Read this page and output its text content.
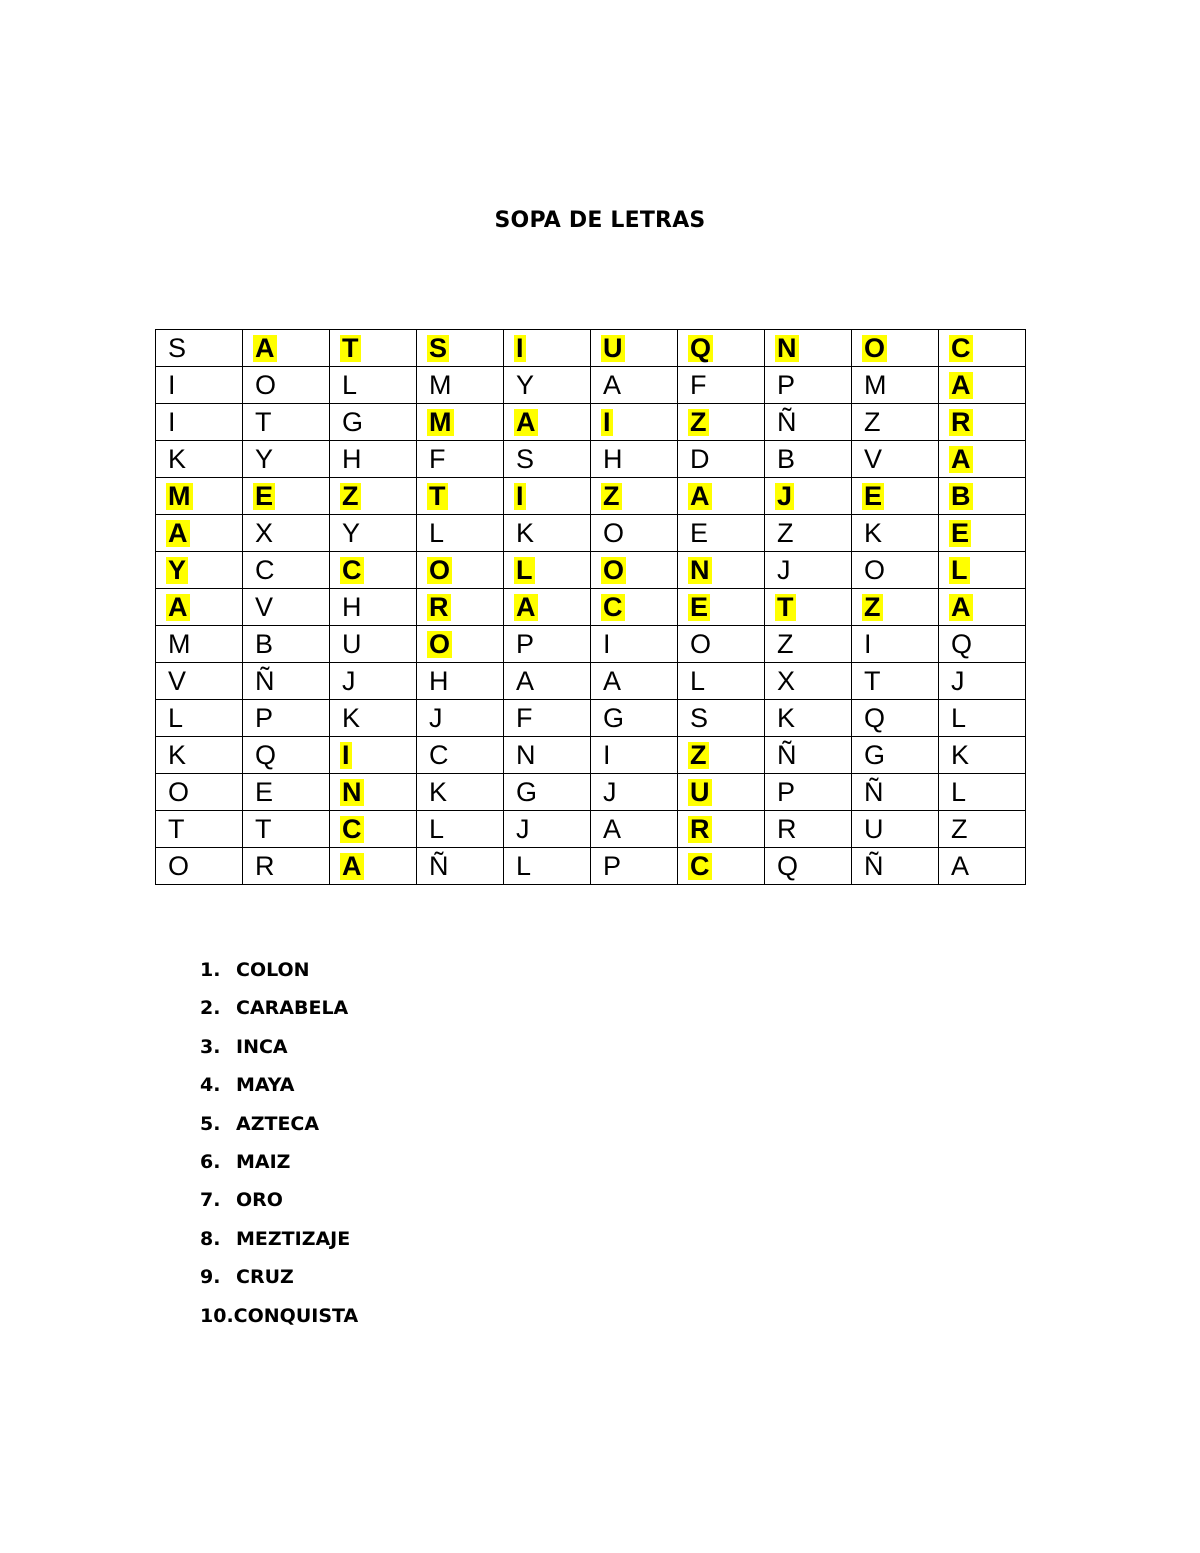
SOPA DE LETRAS
S	A	T	S	I	U	Q	N	O	C
I	O	L	M	Y	A	F	P	M	A
I	T	G	M	A	I	Z	Ñ	Z	R
K	Y	H	F	S	H	D	B	V	A
M	E	Z	T	I	Z	A	J	E	B
A	X	Y	L	K	O	E	Z	K	E
Y	C	C	O	L	O	N	J	O	L
A	V	H	R	A	C	E	T	Z	A
M	B	U	O	P	I	O	Z	I	Q
V	Ñ	J	H	A	A	L	X	T	J
L	P	K	J	F	G	S	K	Q	L
K	Q	I	C	N	I	Z	Ñ	G	K
O	E	N	K	G	J	U	P	Ñ	L
T	T	C	L	J	A	R	R	U	Z
O	R	A	Ñ	L	P	C	Q	Ñ	A
1. COLON
2. CARABELA
3. INCA
4. MAYA
5. AZTECA
6. MAIZ
7. ORO
8. MEZTIZAJE
9. CRUZ
10.CONQUISTA
